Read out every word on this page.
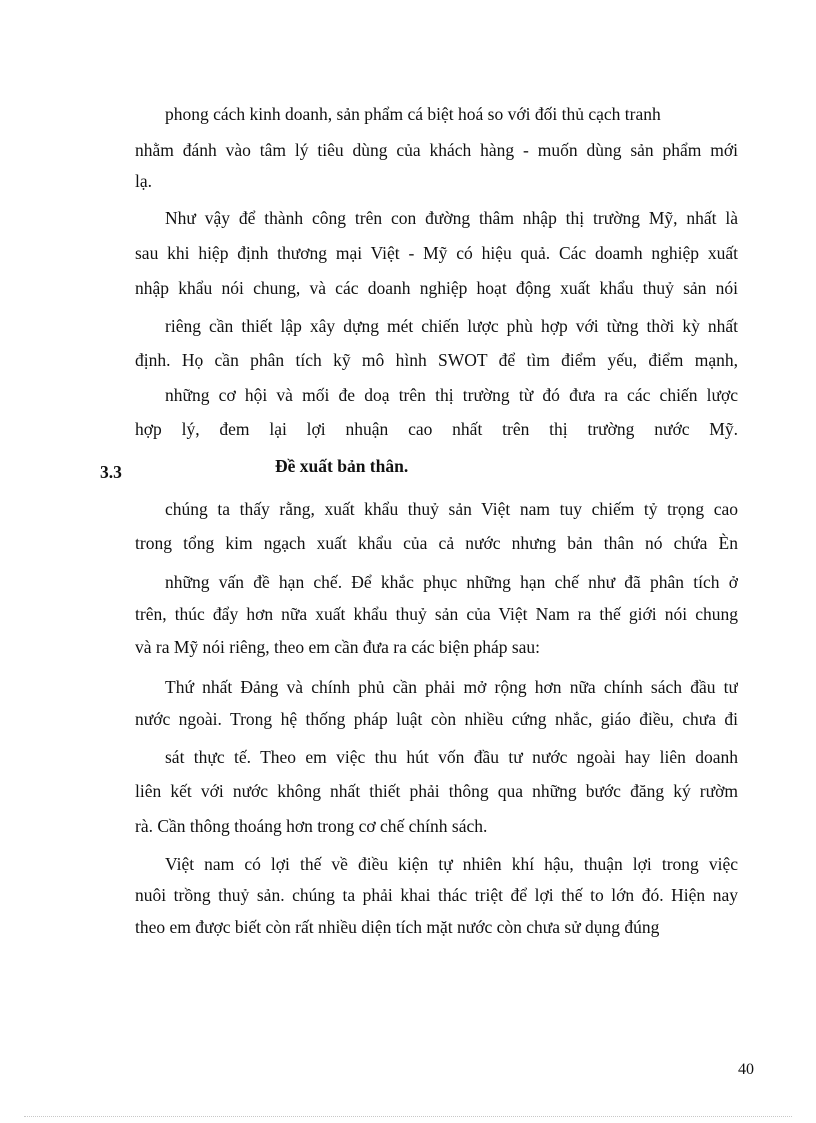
phong cách kinh doanh, sản phẩm cá biệt hoá so với đối thủ cạch tranh
nhằm đánh vào tâm lý tiêu dùng của khách hàng - muốn dùng sản phẩm mới
lạ.
Như vậy để thành công trên con đường thâm nhập thị trường Mỹ, nhất là
sau khi hiệp định thương mại Việt - Mỹ có hiệu quả. Các doamh nghiệp xuất
nhập khẩu nói chung, và các doanh nghiệp hoạt động xuất khẩu thuỷ sản nói
riêng cần thiết lập xây dựng mét chiến lược phù hợp với từng thời kỳ nhất
định. Họ cần phân tích kỹ mô hình SWOT để tìm điểm yếu, điểm mạnh,
những cơ hội và mối đe doạ trên thị trường từ đó đưa ra các chiến lược
hợp lý, đem lại lợi nhuận cao nhất trên thị trường nước Mỹ.
3.3	Đề xuất bản thân.
chúng ta thấy rằng, xuất khẩu thuỷ sản Việt nam tuy chiếm tỷ trọng cao
trong tổng kim ngạch xuất khẩu của cả nước nhưng bản thân nó chứa Èn
những vấn đề hạn chế. Để khắc phục những hạn chế như đã phân tích ở
trên, thúc đẩy hơn nữa xuất khẩu thuỷ sản của Việt Nam ra thế giới nói chung
và ra Mỹ nói riêng, theo em cần đưa ra các biện pháp sau:
Thứ nhất Đảng và chính phủ cần phải mở rộng hơn nữa chính sách đầu tư
nước ngoài. Trong hệ thống pháp luật còn nhiều cứng nhắc, giáo điều, chưa đi
sát thực tế. Theo em việc thu hút vốn đầu tư nước ngoài hay liên doanh
liên kết với nước không nhất thiết phải thông qua những bước đăng ký rườm
rà. Cần thông thoáng hơn trong cơ chế chính sách.
Việt nam có lợi thế về điều kiện tự nhiên khí hậu, thuận lợi trong việc
nuôi trồng thuỷ sản. chúng ta phải khai thác triệt để lợi thế to lớn đó. Hiện nay
theo em được biết còn rất nhiều diện tích mặt nước còn chưa sử dụng đúng
40
